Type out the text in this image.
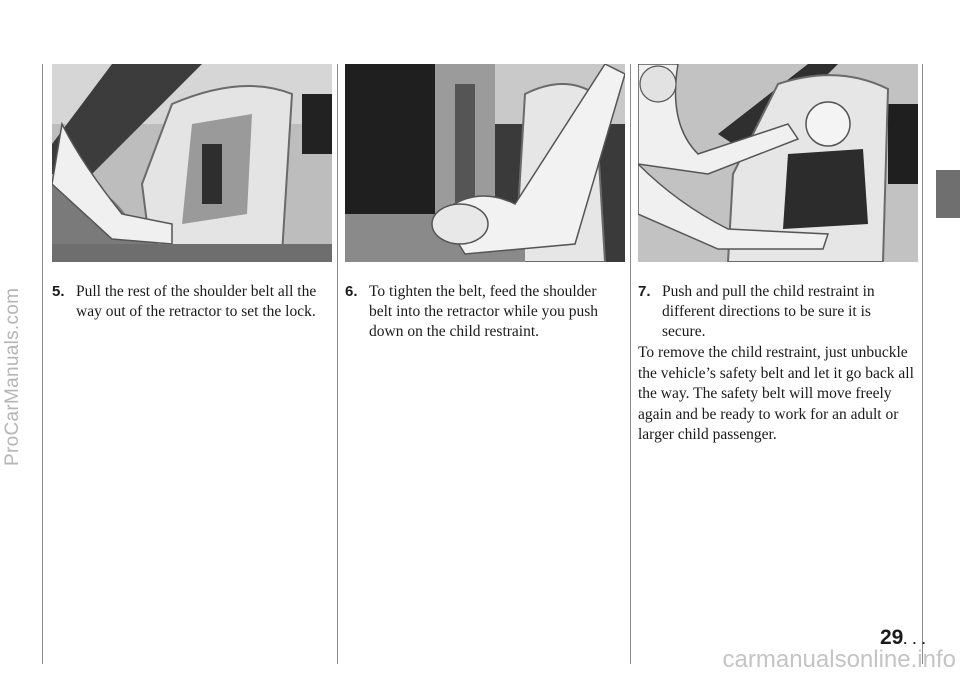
ProCarManuals.com 5. Pull the rest of the shoulder belt all the way out of the retractor to set the lock.
6. To tighten the belt, feed the shoulder belt into the retractor while you push down on the child restraint.
7. Push and pull the child restraint in different directions to be sure it is secure.
To remove the child restraint, just unbuckle the vehicle’s safety belt and let it go back all the way. The safety belt will move freely again and be ready to work for an adult or larger child passenger.
29. . .
carmanualsonline.info
